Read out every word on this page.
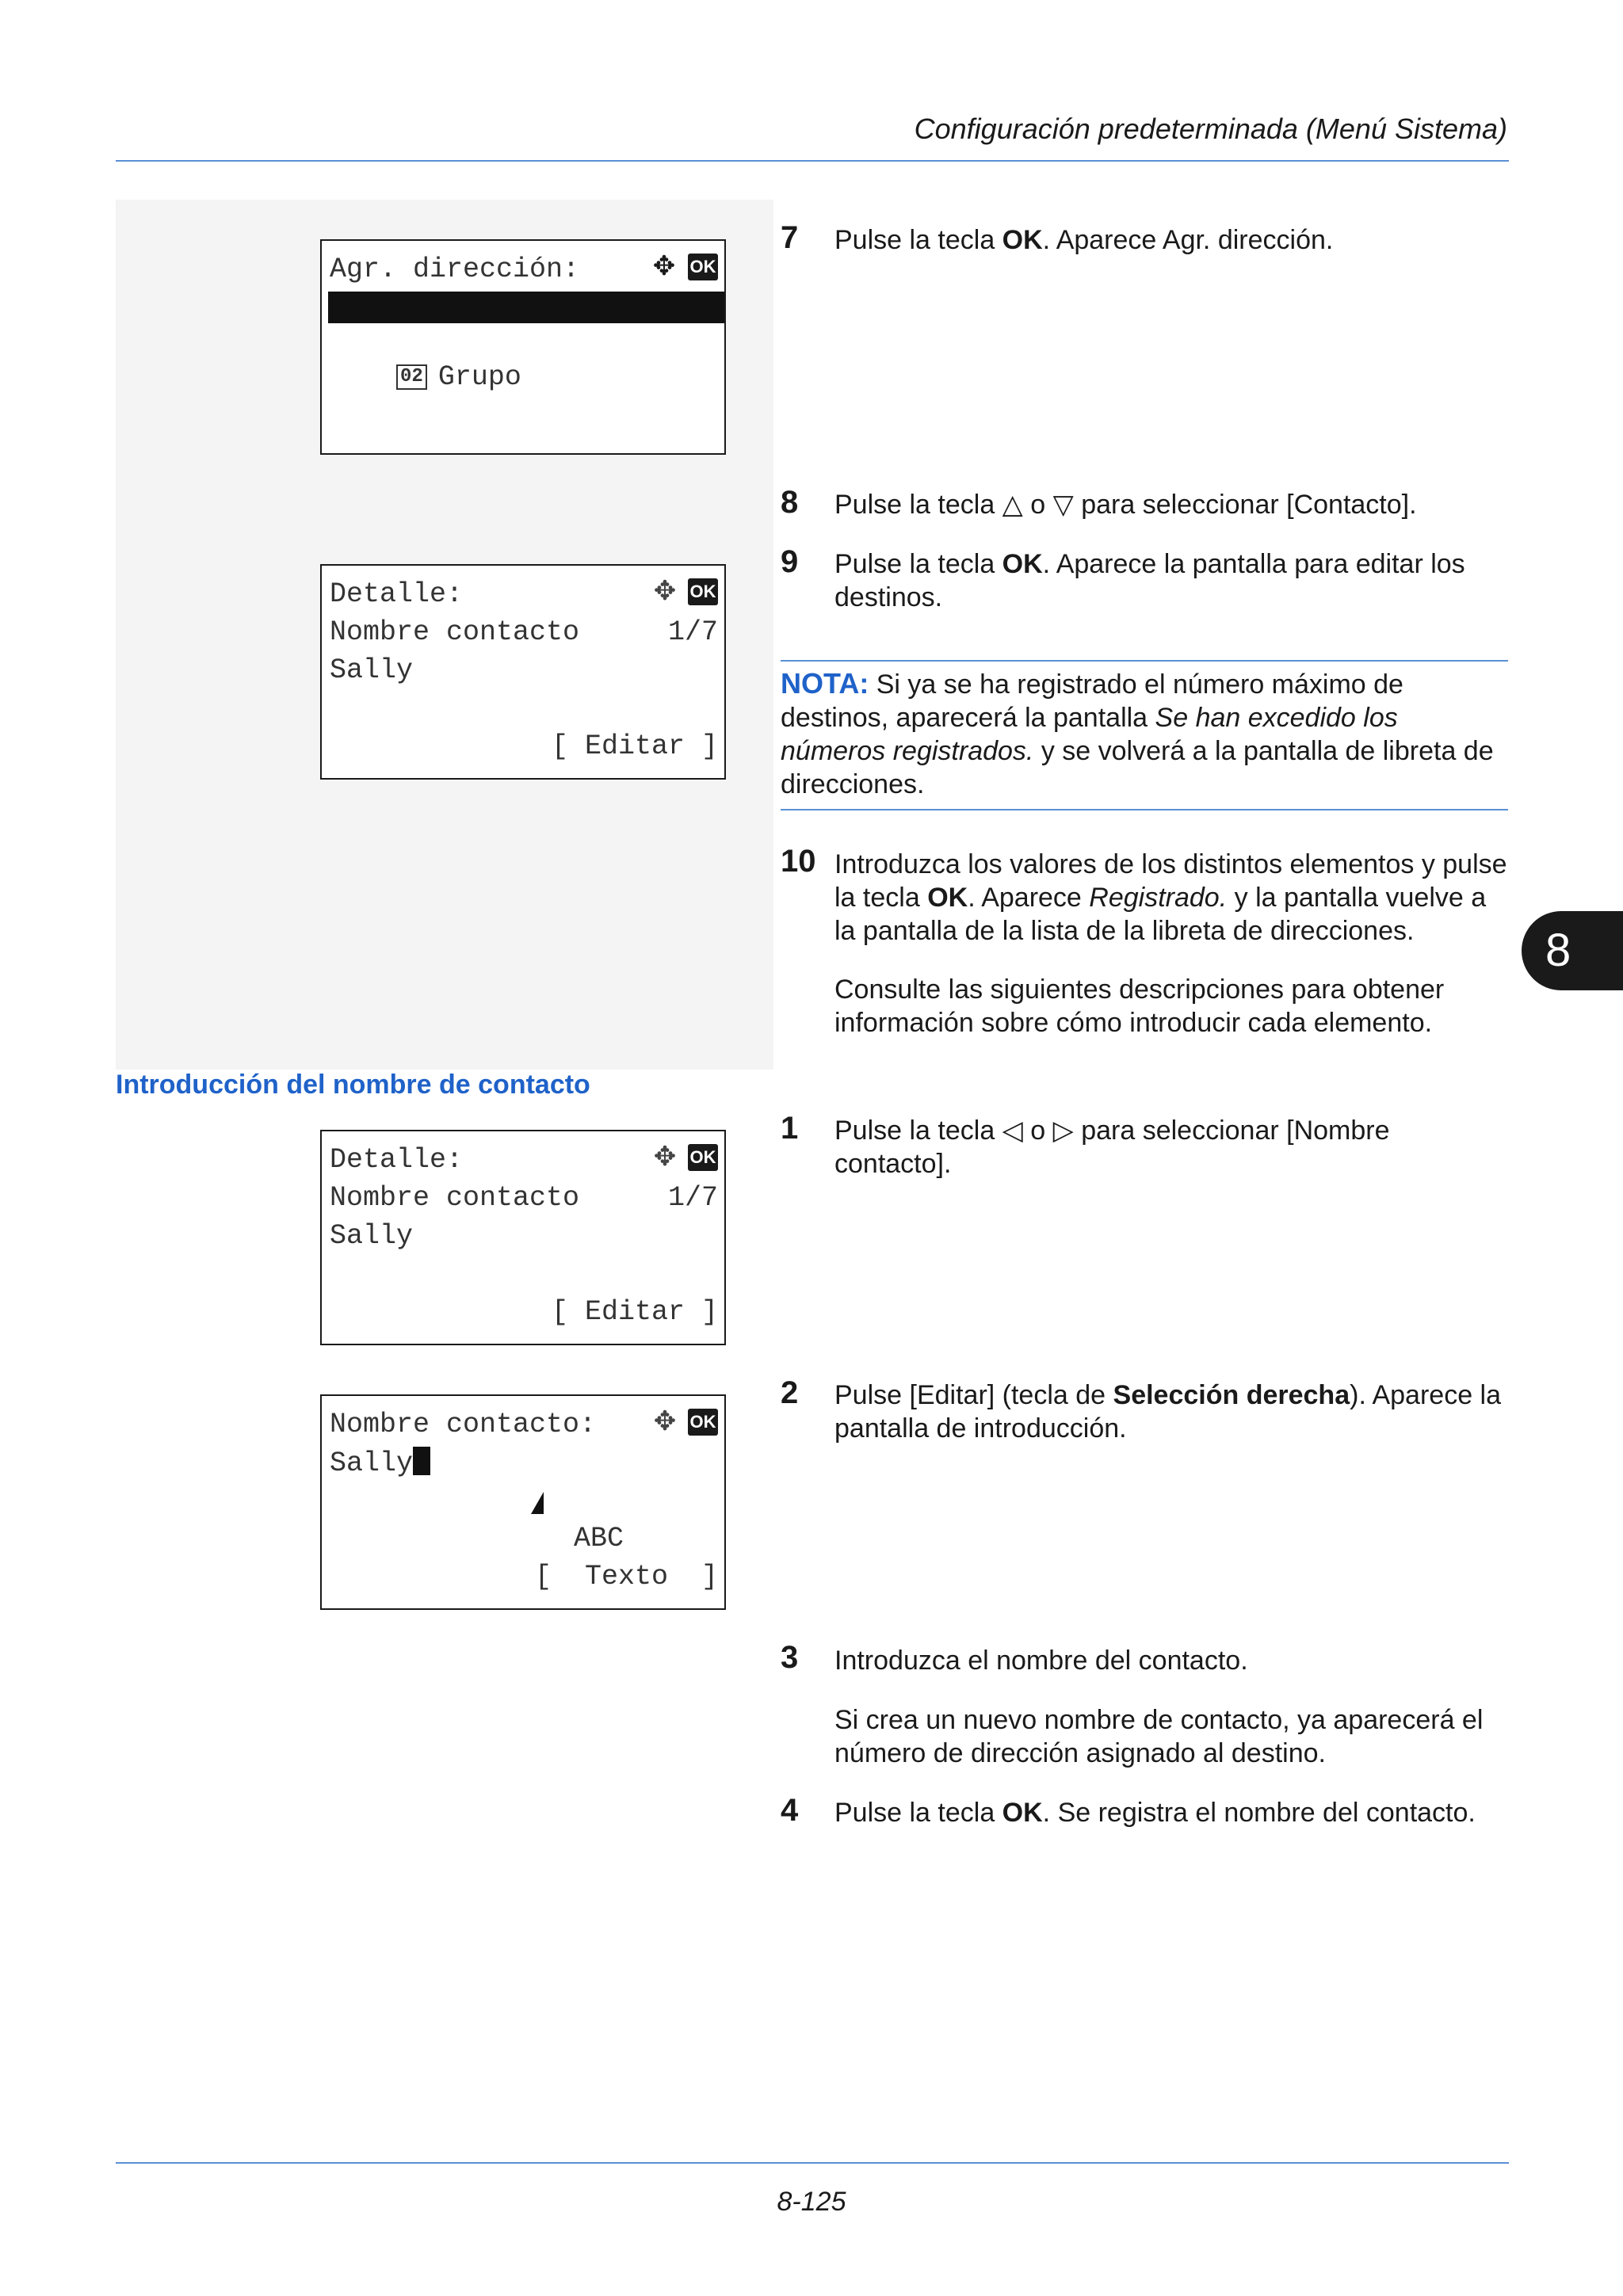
Configuración predeterminada (Menú Sistema)
Agr. dirección:	✥ OK

01 Contacto

02 Grupo

Detalle:	✥ OK
Nombre contacto	1/7
Sally
[ Editar ]
7 Pulse la tecla OK. Aparece Agr. dirección.
8 Pulse la tecla △ o ▽ para seleccionar [Contacto].
9 Pulse la tecla OK. Aparece la pantalla para editar los destinos.
NOTA: Si ya se ha registrado el número máximo de destinos, aparecerá la pantalla Se han excedido los números registrados. y se volverá a la pantalla de libreta de direcciones.
10 Introduzca los valores de los distintos elementos y pulse la tecla OK. Aparece Registrado. y la pantalla vuelve a la pantalla de la lista de la libreta de direcciones.
Consulte las siguientes descripciones para obtener información sobre cómo introducir cada elemento.
8
Introducción del nombre de contacto
Detalle:	✥ OK
Nombre contacto	1/7
Sally
[ Editar ]
Nombre contacto:	✥ OK
Sally
ABC
[  Texto  ]
1 Pulse la tecla ◁ o ▷ para seleccionar [Nombre contacto].
2 Pulse [Editar] (tecla de Selección derecha). Aparece la pantalla de introducción.
3 Introduzca el nombre del contacto.
Si crea un nuevo nombre de contacto, ya aparecerá el número de dirección asignado al destino.
4 Pulse la tecla OK. Se registra el nombre del contacto.
8-125
